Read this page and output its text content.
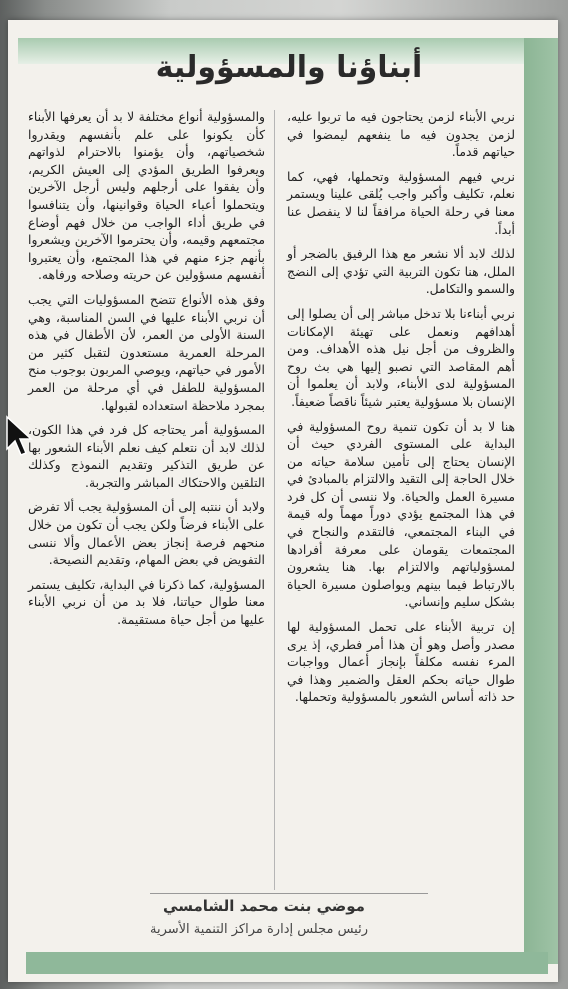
أبناؤنا والمسؤولية

نربي الأبناء لزمن يحتاجون فيه ما تربوا عليه، لزمن يجدون فيه ما ينفعهم ليمضوا في حياتهم قدماً.

نربي فيهم المسؤولية وتحملها، فهي، كما نعلم، تكليف وأكبر واجب يُلقى علينا ويستمر معنا في رحلة الحياة مرافقاً لنا لا ينفصل عنا أبداً.

لذلك لابد ألا نشعر مع هذا الرفيق بالضجر أو الملل، هنا تكون التربية التي تؤدي إلى النضج والسمو والتكامل.

نربي أبناءنا بلا تدخل مباشر إلى أن يصلوا إلى أهدافهم ونعمل على تهيئة الإمكانات والظروف من أجل نيل هذه الأهداف. ومن أهم المقاصد التي نصبو إليها هي بث روح المسؤولية لدى الأبناء، ولابد أن يعلموا أن الإنسان بلا مسؤولية يعتبر شيئاً ناقصاً ضعيفاً.

هنا لا بد أن تكون تنمية روح المسؤولية في البداية على المستوى الفردي حيث أن الإنسان يحتاج إلى تأمين سلامة حياته من خلال الحاجة إلى التقيد والالتزام بالمبادئ في مسيرة العمل والحياة. ولا ننسى أن كل فرد في هذا المجتمع يؤدي دوراً مهماً وله قيمة في البناء المجتمعي، فالتقدم والنجاح في المجتمعات يقومان على معرفة أفرادها لمسؤولياتهم والالتزام بها. هنا يشعرون بالارتباط فيما بينهم ويواصلون مسيرة الحياة بشكل سليم وإنساني.

إن تربية الأبناء على تحمل المسؤولية لها مصدر وأصل وهو أن هذا أمر فطري، إذ يرى المرء نفسه مكلفاً بإنجاز أعمال وواجبات طوال حياته بحكم العقل والضمير وهذا في حد ذاته أساس الشعور بالمسؤولية وتحملها.

والمسؤولية أنواع مختلفة لا بد أن يعرفها الأبناء كأن يكونوا على علم بأنفسهم ويقدروا شخصياتهم، وأن يؤمنوا بالاحترام لذواتهم ويعرفوا الطريق المؤدي إلى العيش الكريم، وأن يفقوا على أرجلهم وليس أرجل الآخرين ويتحملوا أعباء الحياة وقوانينها، وأن يتنافسوا في طريق أداء الواجب من خلال فهم أوضاع مجتمعهم وقيمه، وأن يحترموا الآخرين ويشعروا بأنهم جزء منهم في هذا المجتمع، وأن يعتبروا أنفسهم مسؤولين عن حريته وصلاحه ورفاهه.

وفق هذه الأنواع تتضح المسؤوليات التي يجب أن نربي الأبناء عليها في السن المناسبة، وهي السنة الأولى من العمر، لأن الأطفال في هذه المرحلة العمرية مستعدون لتقبل كثير من الأمور في حياتهم، ويوصي المربون بوجوب منح المسؤولية للطفل في أي مرحلة من العمر بمجرد ملاحظة استعداده لقبولها.

المسؤولية أمر يحتاجه كل فرد في هذا الكون، لذلك لابد أن نتعلم كيف نعلم الأبناء الشعور بها عن طريق التذكير وتقديم النموذج وكذلك التلقين والاحتكاك المباشر والتجربة.

ولابد أن ننتبه إلى أن المسؤولية يجب ألا تفرض على الأبناء فرضاً ولكن يجب أن تكون من خلال منحهم فرصة إنجاز بعض الأعمال وألا ننسى التفويض في بعض المهام، وتقديم النصيحة.

المسؤولية، كما ذكرنا في البداية، تكليف يستمر معنا طوال حياتنا، فلا بد من أن نربي الأبناء عليها من أجل حياة مستقيمة.

موضي بنت محمد الشامسي
رئيس مجلس إدارة مراكز التنمية الأسرية
